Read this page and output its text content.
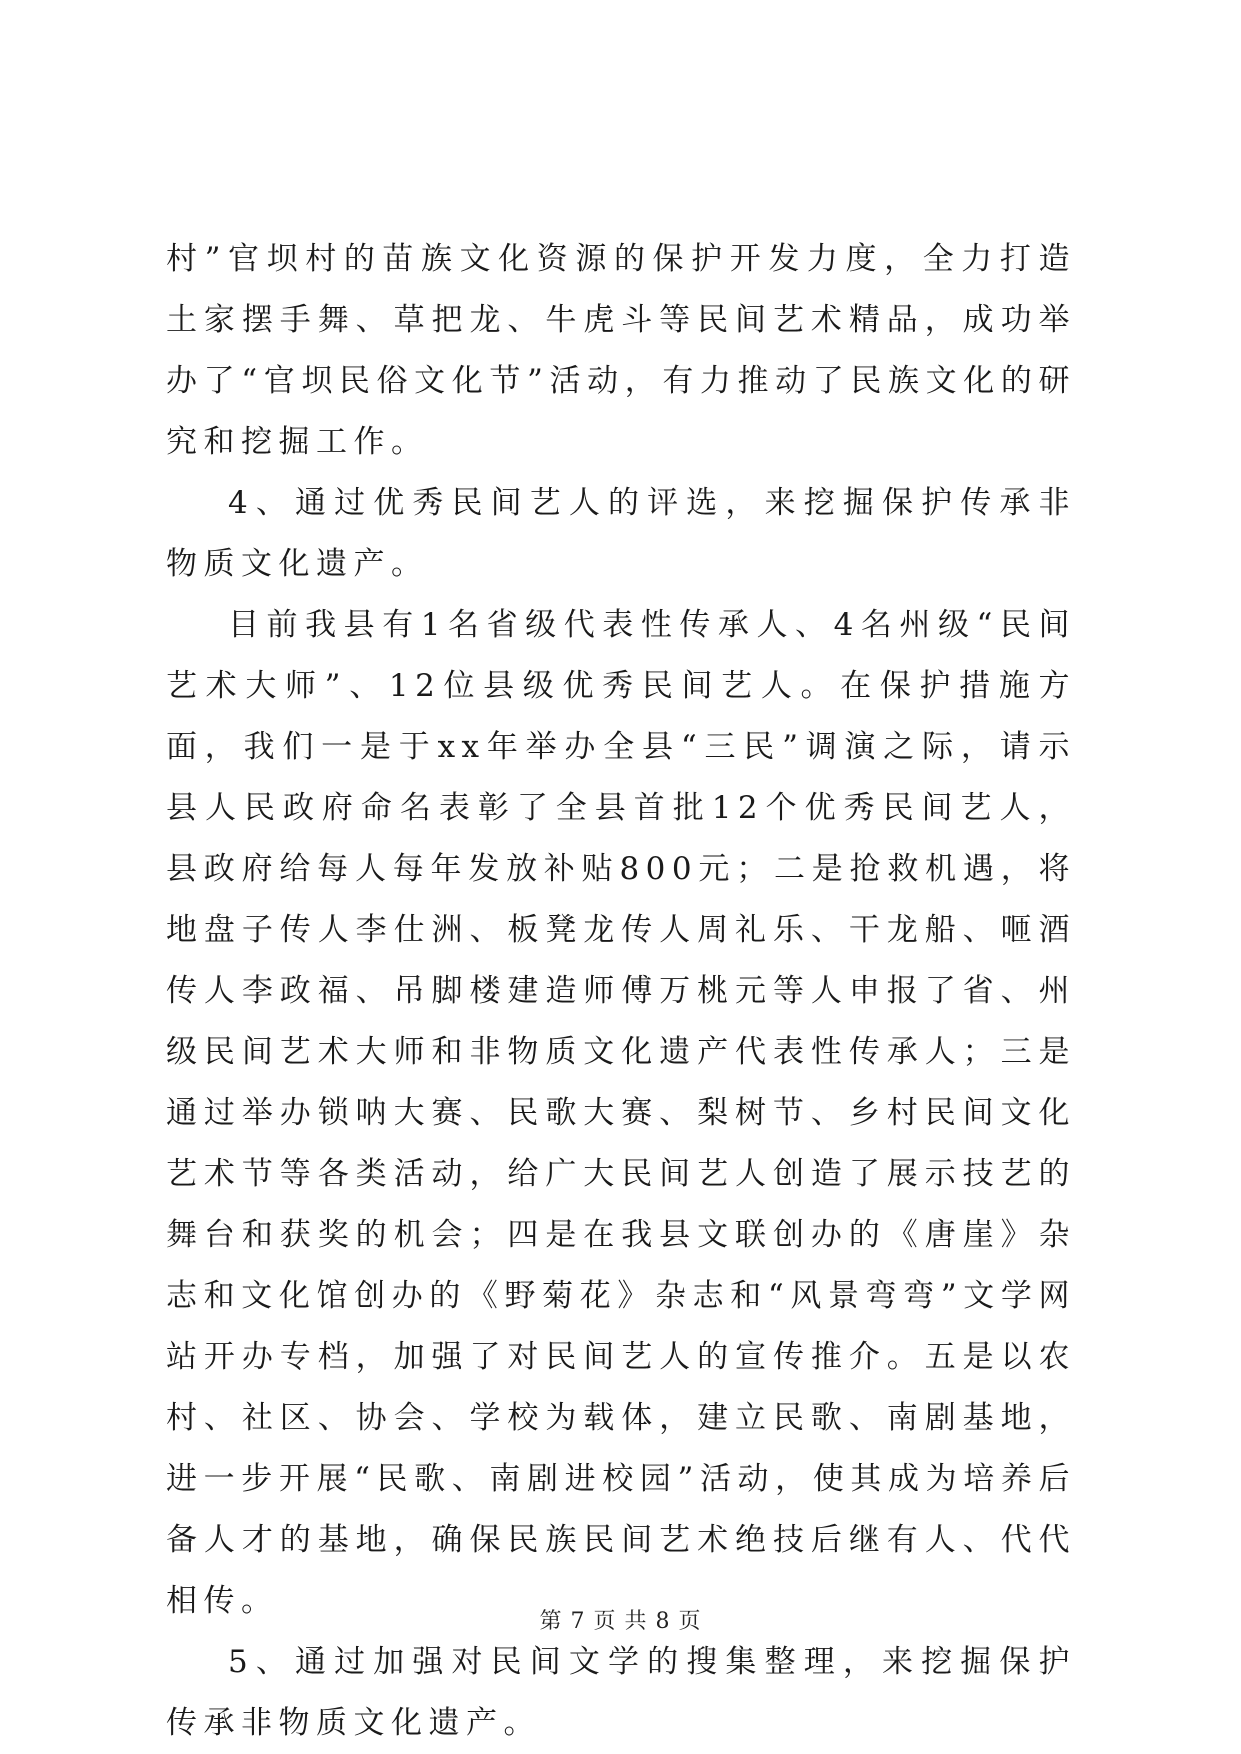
村”官坝村的苗族文化资源的保护开发力度，全力打造土家摆手舞、草把龙、牛虎斗等民间艺术精品，成功举办了“官坝民俗文化节”活动，有力推动了民族文化的研究和挖掘工作。

4、通过优秀民间艺人的评选，来挖掘保护传承非物质文化遗产。

目前我县有1名省级代表性传承人、4名州级“民间艺术大师”、12位县级优秀民间艺人。在保护措施方面，我们一是于xx年举办全县“三民”调演之际，请示县人民政府命名表彰了全县首批12个优秀民间艺人，县政府给每人每年发放补贴800元；二是抢救机遇，将地盘子传人李仕洲、板凳龙传人周礼乐、干龙船、咂酒传人李政福、吊脚楼建造师傅万桃元等人申报了省、州级民间艺术大师和非物质文化遗产代表性传承人；三是通过举办锁呐大赛、民歌大赛、梨树节、乡村民间文化艺术节等各类活动，给广大民间艺人创造了展示技艺的舞台和获奖的机会；四是在我县文联创办的《唐崖》杂志和文化馆创办的《野菊花》杂志和“风景弯弯”文学网站开办专档，加强了对民间艺人的宣传推介。五是以农村、社区、协会、学校为载体，建立民歌、南剧基地，进一步开展“民歌、南剧进校园”活动，使其成为培养后备人才的基地，确保民族民间艺术绝技后继有人、代代相传。

5、通过加强对民间文学的搜集整理，来挖掘保护传承非物质文化遗产。

第 7 页 共 8 页
